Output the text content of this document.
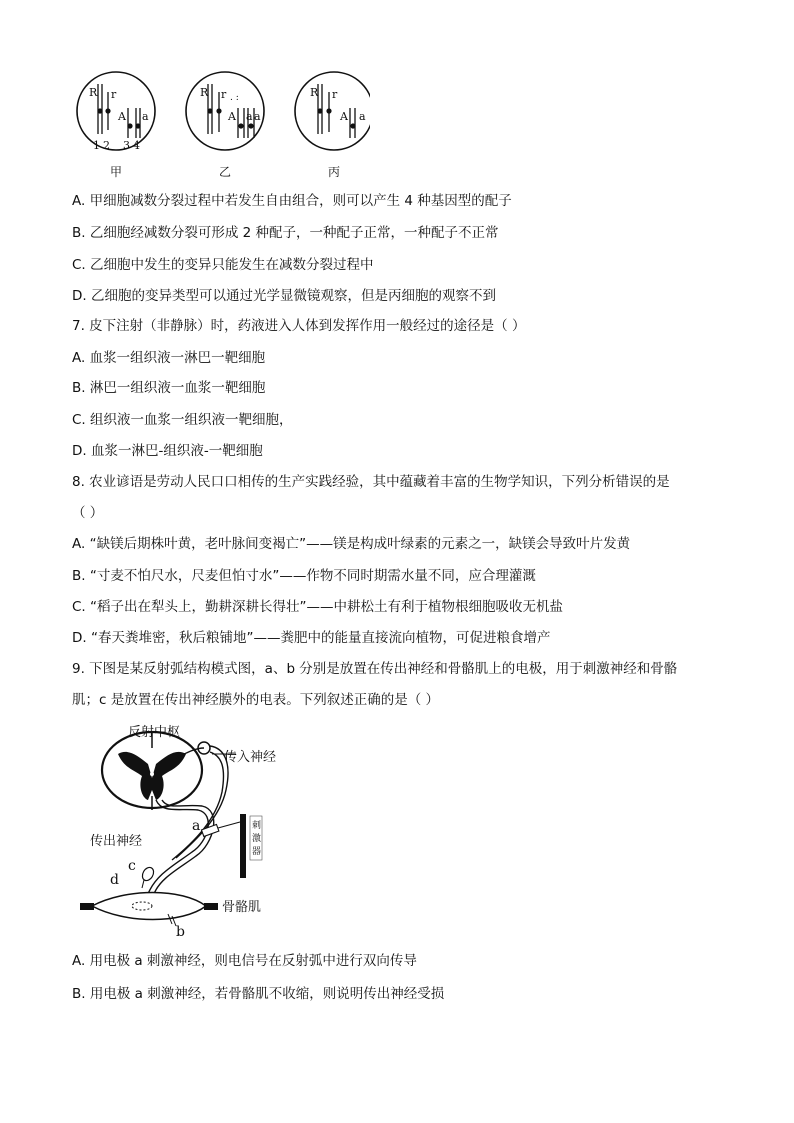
R r
A a
1 2 3 4
甲
R r . :
A a a
乙
R r
A a
丙
A. 甲细胞减数分裂过程中若发生自由组合，则可以产生 4 种基因型的配子
B. 乙细胞经减数分裂可形成 2 种配子，一种配子正常，一种配子不正常
C. 乙细胞中发生的变异只能发生在减数分裂过程中
D. 乙细胞的变异类型可以通过光学显微镜观察，但是丙细胞的观察不到
7. 皮下注射（非静脉）时，药液进入人体到发挥作用一般经过的途径是（ ）
A. 血浆一组织液一淋巴一靶细胞
B. 淋巴一组织液一血浆一靶细胞
C. 组织液一血浆一组织液一靶细胞，
D. 血浆一淋巴-组织液-一靶细胞
8. 农业谚语是劳动人民口口相传的生产实践经验，其中蕴藏着丰富的生物学知识，下列分析错误的是
（ ）
A. “缺镁后期株叶黄，老叶脉间变褐亡”——镁是构成叶绿素的元素之一，缺镁会导致叶片发黄
B. “寸麦不怕尺水，尺麦但怕寸水”——作物不同时期需水量不同，应合理灌溉
C. “稻子出在犁头上，勤耕深耕长得壮”——中耕松土有利于植物根细胞吸收无机盐
D. “春天粪堆密，秋后粮铺地”——粪肥中的能量直接流向植物，可促进粮食增产
9. 下图是某反射弧结构模式图，a、b 分别是放置在传出神经和骨骼肌上的电极，用于刺激神经和骨骼
肌；c 是放置在传出神经膜外的电表。下列叙述正确的是（ ）
反射中枢
传入神经
传出神经
骨骼肌
刺
激
器
a
b
c
d
A. 用电极 a 刺激神经，则电信号在反射弧中进行双向传导
B. 用电极 a 刺激神经，若骨骼肌不收缩，则说明传出神经受损
